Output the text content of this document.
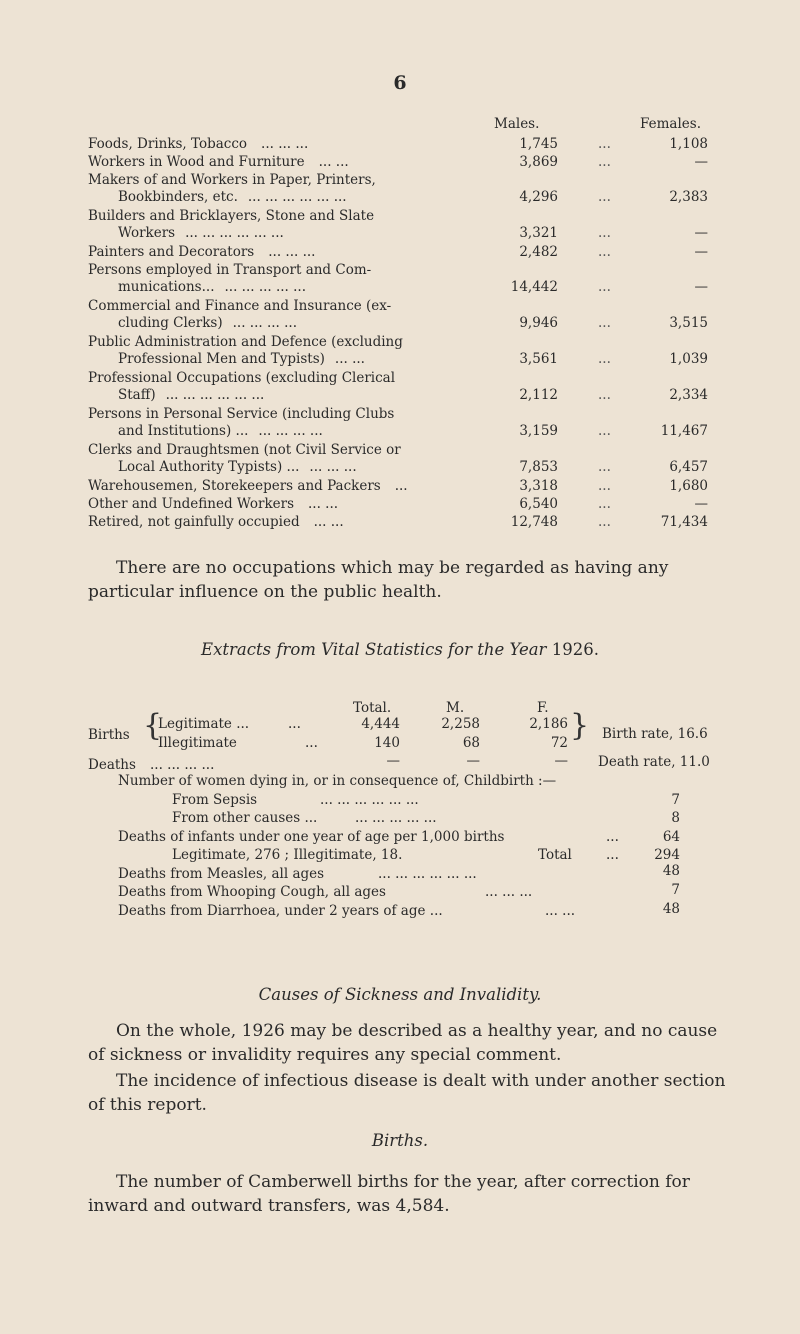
6
Males.	Females.
Foods, Drinks, Tobacco ... ... ...	1,745	...	1,108
Workers in Wood and Furniture ... ...	3,869	...	—
Makers of and Workers in Paper, Printers,
Bookbinders, etc. ... ... ... ... ... ...	4,296	...	2,383
Builders and Bricklayers, Stone and Slate
Workers ... ... ... ... ... ...	3,321	...	—
Painters and Decorators ... ... ...	2,482	...	—
Persons employed in Transport and Com-
munications... ... ... ... ... ...	14,442	...	—
Commercial and Finance and Insurance (ex-
cluding Clerks) ... ... ... ...	9,946	...	3,515
Public Administration and Defence (excluding
Professional Men and Typists) ... ...	3,561	...	1,039
Professional Occupations (excluding Clerical
Staff) ... ... ... ... ... ...	2,112	...	2,334
Persons in Personal Service (including Clubs
and Institutions) ... ... ... ... ...	3,159	...	11,467
Clerks and Draughtsmen (not Civil Service or
Local Authority Typists) ... ... ... ...	7,853	...	6,457
Warehousemen, Storekeepers and Packers ...	3,318	...	1,680
Other and Undefined Workers ... ...	6,540	...	—
Retired, not gainfully occupied ... ...	12,748	...	71,434
There are no occupations which may be regarded as having any particular influence on the public health.
Extracts from Vital Statistics for the Year 1926.
Total.	M.	F.
Births {
Legitimate ...	...	4,444	2,258	2,186
Illegitimate	...	140	68	72 } Birth rate, 16.6
Deaths ... ... ... ...	—	—	— Death rate, 11.0
Number of women dying in, or in consequence of, Childbirth :—
From Sepsis	... ... ... ... ... ...	7
From other causes ...	... ... ... ... ...	8
Deaths of infants under one year of age per 1,000 births	...	64
Legitimate, 276 ; Illegitimate, 18.	Total	...	294
Deaths from Measles, all ages	... ... ... ... ... ...	48
Deaths from Whooping Cough, all ages	... ... ...	7
Deaths from Diarrhoea, under 2 years of age ...	... ...	48
Causes of Sickness and Invalidity.
On the whole, 1926 may be described as a healthy year, and no cause of sickness or invalidity requires any special comment.
The incidence of infectious disease is dealt with under another section of this report.
Births.
The number of Camberwell births for the year, after correction for inward and outward transfers, was 4,584.
